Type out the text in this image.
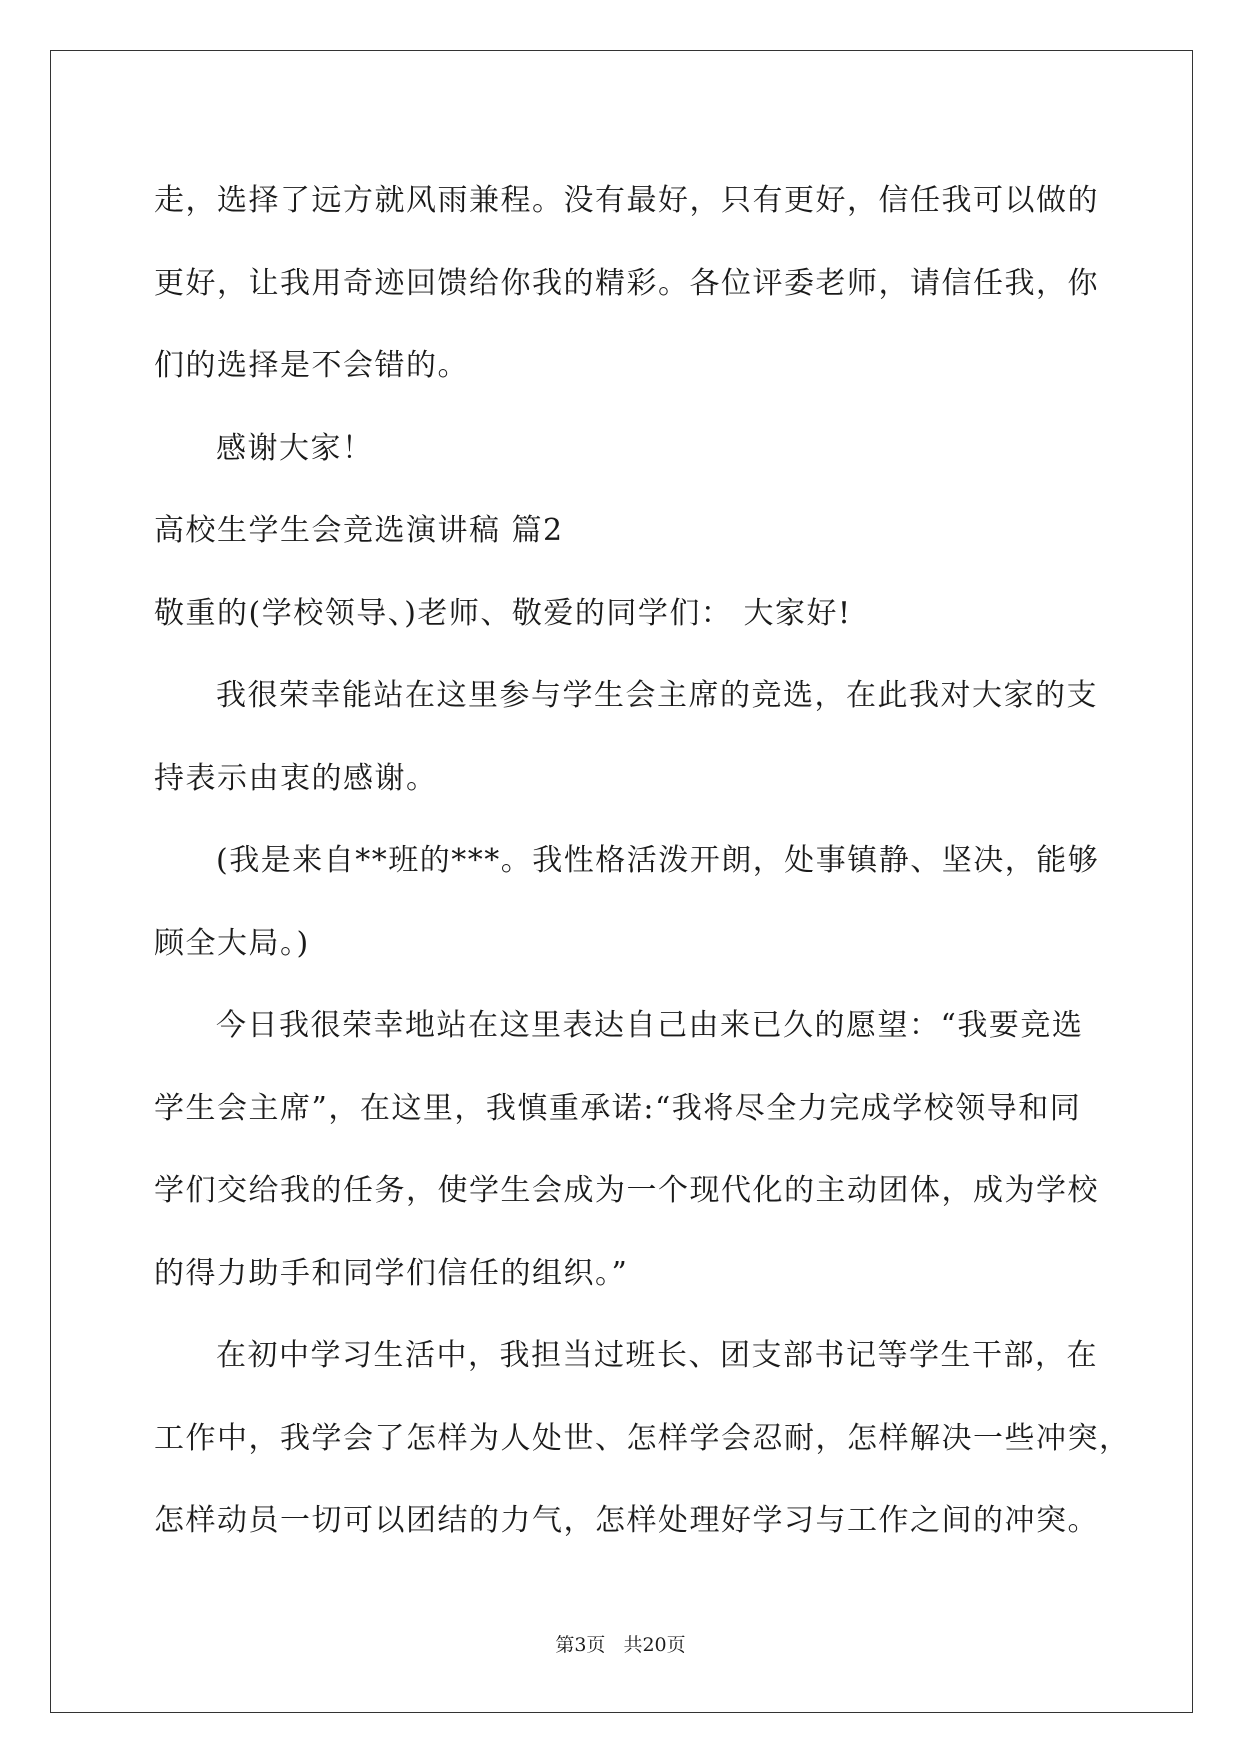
走，选择了远方就风雨兼程。没有最好，只有更好，信任我可以做的
更好，让我用奇迹回馈给你我的精彩。各位评委老师，请信任我，你
们的选择是不会错的。
感谢大家！
高校生学生会竞选演讲稿 篇2
敬重的(学校领导、)老师、敬爱的同学们： 大家好!
我很荣幸能站在这里参与学生会主席的竞选，在此我对大家的支
持表示由衷的感谢。
(我是来自**班的***。我性格活泼开朗，处事镇静、坚决，能够
顾全大局。)
今日我很荣幸地站在这里表达自己由来已久的愿望：“我要竞选
学生会主席”，在这里，我慎重承诺:“我将尽全力完成学校领导和同
学们交给我的任务，使学生会成为一个现代化的主动团体，成为学校
的得力助手和同学们信任的组织。”
在初中学习生活中，我担当过班长、团支部书记等学生干部，在
工作中，我学会了怎样为人处世、怎样学会忍耐，怎样解决一些冲突，
怎样动员一切可以团结的力气，怎样处理好学习与工作之间的冲突。
第3页 共20页
